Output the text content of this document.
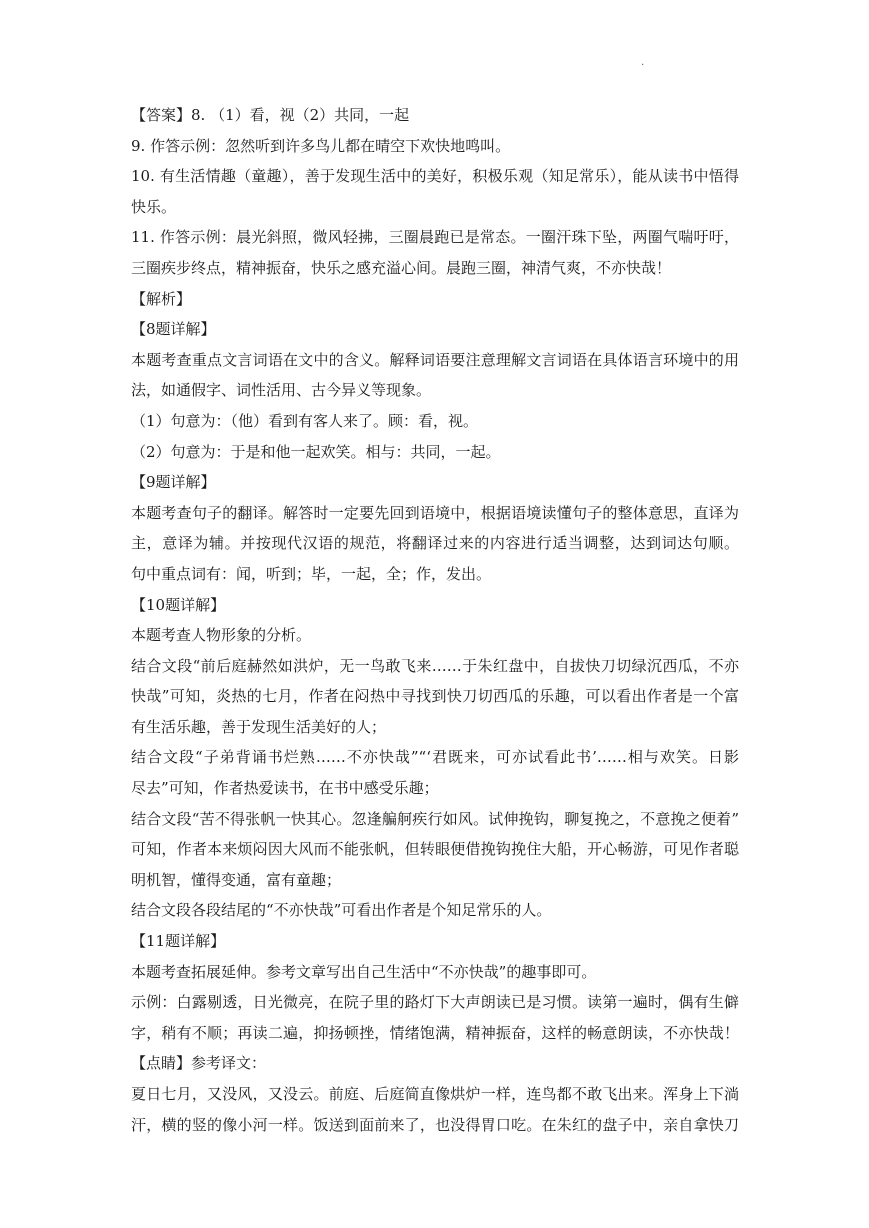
.
【答案】8. （1）看，视（2）共同，一起
9. 作答示例：忽然听到许多鸟儿都在晴空下欢快地鸣叫。
10. 有生活情趣（童趣），善于发现生活中的美好，积极乐观（知足常乐），能从读书中悟得
快乐。
11. 作答示例：晨光斜照，微风轻拂，三圈晨跑已是常态。一圈汗珠下坠，两圈气喘吁吁，
三圈疾步终点，精神振奋，快乐之感充溢心间。晨跑三圈，神清气爽，不亦快哉！
【解析】
【8题详解】
本题考查重点文言词语在文中的含义。解释词语要注意理解文言词语在具体语言环境中的用
法，如通假字、词性活用、古今异义等现象。
（1）句意为：（他）看到有客人来了。顾：看，视。
（2）句意为：于是和他一起欢笑。相与：共同，一起。
【9题详解】
本题考查句子的翻译。解答时一定要先回到语境中，根据语境读懂句子的整体意思，直译为
主，意译为辅。并按现代汉语的规范，将翻译过来的内容进行适当调整，达到词达句顺。
句中重点词有：闻，听到；毕，一起，全；作，发出。
【10题详解】
本题考查人物形象的分析。
结合文段“前后庭赫然如洪炉，无一鸟敢飞来……于朱红盘中，自拔快刀切绿沉西瓜，不亦
快哉”可知，炎热的七月，作者在闷热中寻找到快刀切西瓜的乐趣，可以看出作者是一个富
有生活乐趣，善于发现生活美好的人；
结合文段“子弟背诵书烂熟……不亦快哉”“‘君既来，可亦试看此书’……相与欢笑。日影
尽去”可知，作者热爱读书，在书中感受乐趣；
结合文段“苦不得张帆一快其心。忽逢艑舸疾行如风。试伸挽钩，聊复挽之，不意挽之便着”
可知，作者本来烦闷因大风而不能张帆，但转眼便借挽钩挽住大船，开心畅游，可见作者聪
明机智，懂得变通，富有童趣；
结合文段各段结尾的“不亦快哉”可看出作者是个知足常乐的人。
【11题详解】
本题考查拓展延伸。参考文章写出自己生活中“不亦快哉”的趣事即可。
示例：白露剔透，日光微亮，在院子里的路灯下大声朗读已是习惯。读第一遍时，偶有生僻
字，稍有不顺；再读二遍，抑扬顿挫，情绪饱满，精神振奋，这样的畅意朗读，不亦快哉！
【点睛】参考译文：
夏日七月，又没风，又没云。前庭、后庭简直像烘炉一样，连鸟都不敢飞出来。浑身上下淌
汗，横的竖的像小河一样。饭送到面前来了，也没得胃口吃。在朱红的盘子中，亲自拿快刀
